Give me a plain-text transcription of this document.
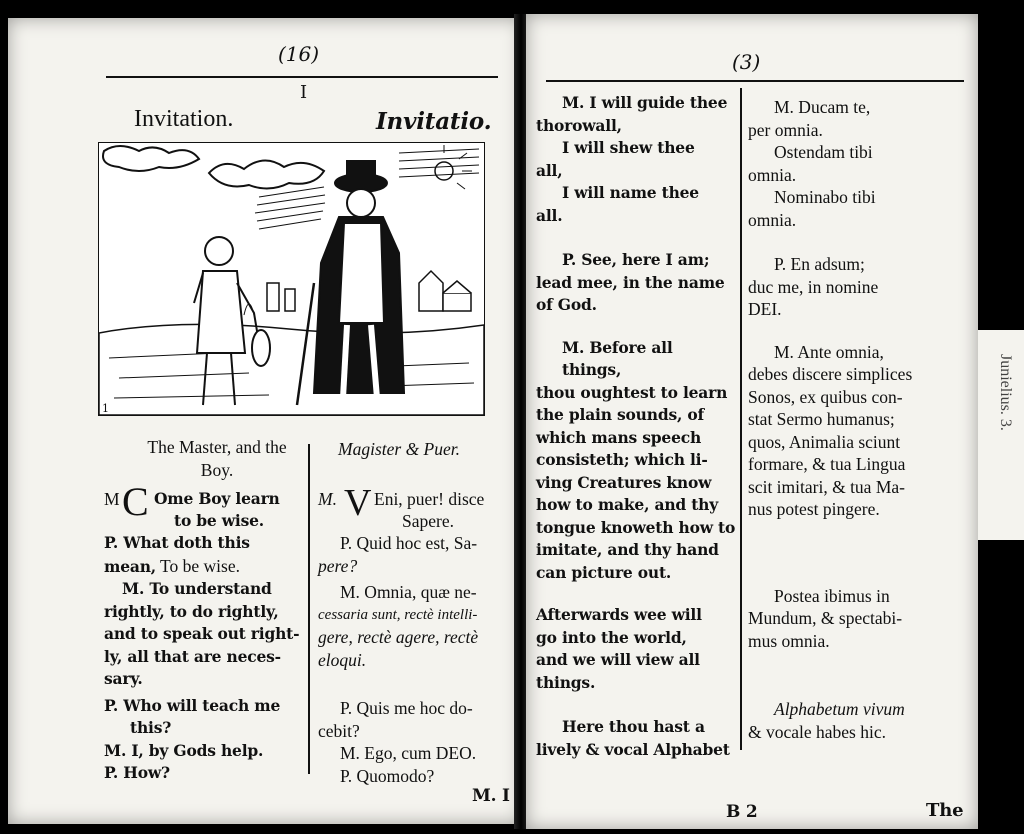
(16)
I
Invitation.	Invitatio.
1
The Master, and the
Boy.
M C Ome Boy learn
to be wise.
P. What doth this
mean, To be wise.
M. To understand
rightly, to do rightly,
and to speak out right-
ly, all that are neces-
sary.
P. Who will teach me
this?
M. I, by Gods help.
P. How?
Magister & Puer.
M. V Eni, puer! disce
Sapere.
P. Quid hoc est, Sa-
pere?
M. Omnia, quæ ne-
cessaria sunt, rectè intelli-
gere, rectè agere, rectè
eloqui.
P. Quis me hoc do-
cebit?
M. Ego, cum DEO.
P. Quomodo?
M. I
(3)
M. I will guide thee
thorowall,
I will shew thee
all,
I will name thee
all.
P. See, here I am;
lead mee, in the name
of God.
M. Before all things,
thou oughtest to learn
the plain sounds, of
which mans speech
consisteth; which li-
ving Creatures know
how to make, and thy
tongue knoweth how to
imitate, and thy hand
can picture out.
Afterwards wee will
go into the world,
and we will view all
things.
Here thou hast a
lively & vocal Alphabet
M. Ducam te,
per omnia.
Ostendam tibi
omnia.
Nominabo tibi
omnia.
P. En adsum;
duc me, in nomine
DEI.
M. Ante omnia,
debes discere simplices
Sonos, ex quibus con-
stat Sermo humanus;
quos, Animalia sciunt
formare, & tua Lingua
scit imitari, & tua Ma-
nus potest pingere.
Postea ibimus in
Mundum, & spectabi-
mus omnia.
Alphabetum vivum
& vocale habes hic.
B 2	The
Junielius. 3.
